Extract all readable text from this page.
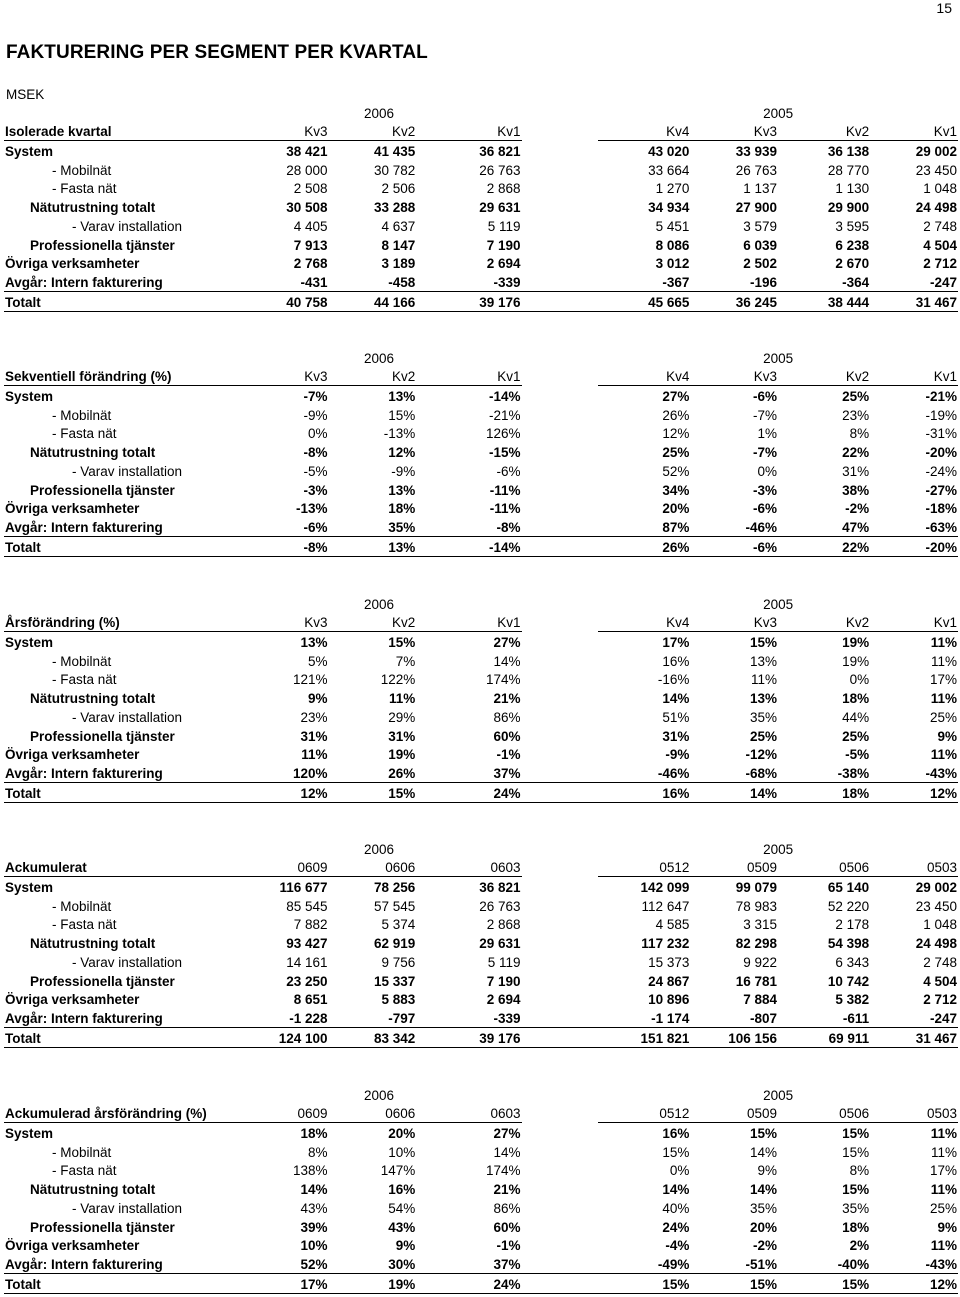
15
FAKTURERING PER SEGMENT PER KVARTAL
MSEK
	2006				2005			
Isolerade kvartal	Kv3	Kv2	Kv1		Kv4	Kv3	Kv2	Kv1
System	38 421	41 435	36 821		43 020	33 939	36 138	29 002
- Mobilnät	28 000	30 782	26 763		33 664	26 763	28 770	23 450
- Fasta nät	2 508	2 506	2 868		1 270	1 137	1 130	1 048
Nätutrustning totalt	30 508	33 288	29 631		34 934	27 900	29 900	24 498
- Varav installation	4 405	4 637	5 119		5 451	3 579	3 595	2 748
Professionella tjänster	7 913	8 147	7 190		8 086	6 039	6 238	4 504
Övriga verksamheter	2 768	3 189	2 694		3 012	2 502	2 670	2 712
Avgår: Intern fakturering	-431	-458	-339		-367	-196	-364	-247
Totalt	40 758	44 166	39 176		45 665	36 245	38 444	31 467
	2006				2005			
Sekventiell förändring (%)	Kv3	Kv2	Kv1		Kv4	Kv3	Kv2	Kv1
System	-7%	13%	-14%		27%	-6%	25%	-21%
- Mobilnät	-9%	15%	-21%		26%	-7%	23%	-19%
- Fasta nät	0%	-13%	126%		12%	1%	8%	-31%
Nätutrustning totalt	-8%	12%	-15%		25%	-7%	22%	-20%
- Varav installation	-5%	-9%	-6%		52%	0%	31%	-24%
Professionella tjänster	-3%	13%	-11%		34%	-3%	38%	-27%
Övriga verksamheter	-13%	18%	-11%		20%	-6%	-2%	-18%
Avgår: Intern fakturering	-6%	35%	-8%		87%	-46%	47%	-63%
Totalt	-8%	13%	-14%		26%	-6%	22%	-20%
	2006				2005			
Årsförändring (%)	Kv3	Kv2	Kv1		Kv4	Kv3	Kv2	Kv1
System	13%	15%	27%		17%	15%	19%	11%
- Mobilnät	5%	7%	14%		16%	13%	19%	11%
- Fasta nät	121%	122%	174%		-16%	11%	0%	17%
Nätutrustning totalt	9%	11%	21%		14%	13%	18%	11%
- Varav installation	23%	29%	86%		51%	35%	44%	25%
Professionella tjänster	31%	31%	60%		31%	25%	25%	9%
Övriga verksamheter	11%	19%	-1%		-9%	-12%	-5%	11%
Avgår: Intern fakturering	120%	26%	37%		-46%	-68%	-38%	-43%
Totalt	12%	15%	24%		16%	14%	18%	12%
	2006				2005			
Ackumulerat	0609	0606	0603		0512	0509	0506	0503
System	116 677	78 256	36 821		142 099	99 079	65 140	29 002
- Mobilnät	85 545	57 545	26 763		112 647	78 983	52 220	23 450
- Fasta nät	7 882	5 374	2 868		4 585	3 315	2 178	1 048
Nätutrustning totalt	93 427	62 919	29 631		117 232	82 298	54 398	24 498
- Varav installation	14 161	9 756	5 119		15 373	9 922	6 343	2 748
Professionella tjänster	23 250	15 337	7 190		24 867	16 781	10 742	4 504
Övriga verksamheter	8 651	5 883	2 694		10 896	7 884	5 382	2 712
Avgår: Intern fakturering	-1 228	-797	-339		-1 174	-807	-611	-247
Totalt	124 100	83 342	39 176		151 821	106 156	69 911	31 467
	2006				2005			
Ackumulerad årsförändring (%)	0609	0606	0603		0512	0509	0506	0503
System	18%	20%	27%		16%	15%	15%	11%
- Mobilnät	8%	10%	14%		15%	14%	15%	11%
- Fasta nät	138%	147%	174%		0%	9%	8%	17%
Nätutrustning totalt	14%	16%	21%		14%	14%	15%	11%
- Varav installation	43%	54%	86%		40%	35%	35%	25%
Professionella tjänster	39%	43%	60%		24%	20%	18%	9%
Övriga verksamheter	10%	9%	-1%		-4%	-2%	2%	11%
Avgår: Intern fakturering	52%	30%	37%		-49%	-51%	-40%	-43%
Totalt	17%	19%	24%		15%	15%	15%	12%
